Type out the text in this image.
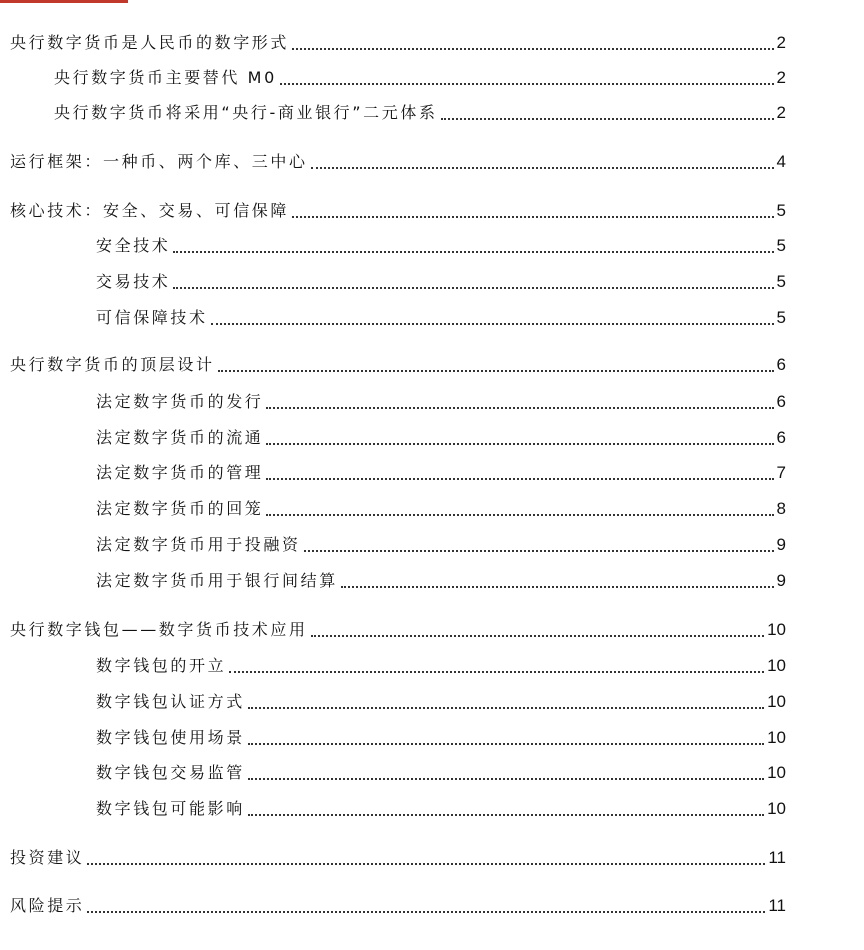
央行数字货币是人民币的数字形式	2
央行数字货币主要替代 M0	2
央行数字货币将采用“央行-商业银行”二元体系	2
运行框架：一种币、两个库、三中心	4
核心技术：安全、交易、可信保障	5
安全技术	5
交易技术	5
可信保障技术	5
央行数字货币的顶层设计	6
法定数字货币的发行	6
法定数字货币的流通	6
法定数字货币的管理	7
法定数字货币的回笼	8
法定数字货币用于投融资	9
法定数字货币用于银行间结算	9
央行数字钱包——数字货币技术应用	10
数字钱包的开立	10
数字钱包认证方式	10
数字钱包使用场景	10
数字钱包交易监管	10
数字钱包可能影响	10
投资建议	11
风险提示	11
